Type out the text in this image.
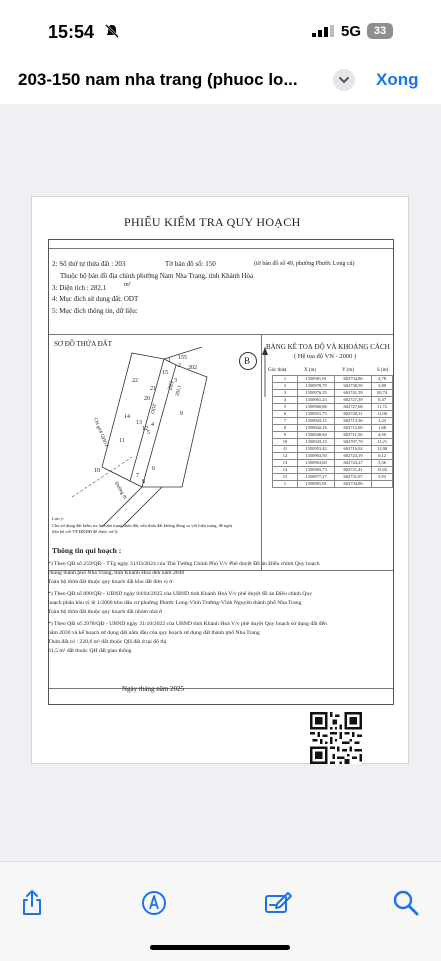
15:54	5G	33
203-150 nam nha trang (phuoc lo...	Xong
PHIẾU KIỂM TRA QUY HOẠCH
2: Số thứ tự thửa đất : 203	Tờ bản đồ số: 150	(tờ bản đồ số 49, phường Phước Long cũ)
Thuộc bộ bản đồ địa chính phường Nam Nha Trang, tỉnh Khánh Hòa
3: Diện tích : 282,1	m²
4: Mục đích sử dụng đất: ODT
5: Mục đích thông tin, dữ liệu:
SƠ ĐỒ THỬA ĐẤT
155
202
22
21
20
203 282,1
ODT
14
15
13
12
4
5
3
2
1
9
8
7
6
11
10
Chỉ giới QHGT
Đường đi
B
BẢNG KÊ TOẠ ĐỘ VÀ KHOẢNG CÁCH
( Hệ tọa độ VN - 2000 )
Góc thửa	X (m)	Y (m)	S (m)
1	1350981,81	602734,86	4,78
2	1350978,79	602738,59	3,80
3	1350976,35	602741,59	20,74
4	1350961,23	602727,39	0,47
5	1350960,86	602727,68	11,72
6	1350951,75	602720,31	11,06
7	1350943,15	602713,36	1,23
8	1350942,16	602712,60	1,68
9	1350940,84	602711,56	4,50
10	1350943,15	602707,70	13,21
11	1350953,42	602716,02	12,98
12	1350963,50	602724,19	0,12
13	1350963,60	602724,27	3,56
14	1350965,73	602721,41	15,02
15	1350977,27	602731,07	5,93
1	1350981,81	602734,86	
Lưu ý:
Chủ sử dụng đất kiểm tra lại hiện trạng thửa đất, nếu thửa đất không đúng so với hiện trạng, đề nghị
liên hệ với VP ĐKĐĐ để được xử lý
Thông tin qui hoạch :
*) Theo QĐ số 259/QĐ - TTg ngày 31/03/2024 của Thủ Tướng Chính Phủ V/v Phê duyệt Đồ án Điều chỉnh Quy hoạch
chung thành phố Nha Trang, tỉnh Khánh Hoà đến năm 2040
Toàn bộ thửa đất thuộc quy hoạch đất khu đất đơn vị ở
*) Theo QĐ số 890/QĐ - UBND ngày 04/04/2025 của UBND tỉnh Khánh Hoà V/v phê duyệt đồ án Điều chỉnh Quy
hoạch phân khu tỷ lệ 1/2000 khu dân cư phường Phước Long-Vĩnh Trường-Vĩnh Nguyên thành phố Nha Trang
Toàn bộ thửa đất thuộc quy hoạch đất nhóm nhà ở
*) Theo QĐ số 2978/QĐ - UBND ngày 31/10/2022 của UBND tỉnh Khánh Hoà V/v phê duyệt Quy hoạch sử dụng đất đến
năm 2030 và kế hoạch sử dụng đất năm đầu của quy hoạch sử dụng đất thành phố Nha Trang
Thửa đất có : 220,6 m² đất thuộc QH đất ở tại đô thị
61,5 m² đất thuộc QH đất giao thông
Ngày tháng năm 2025
